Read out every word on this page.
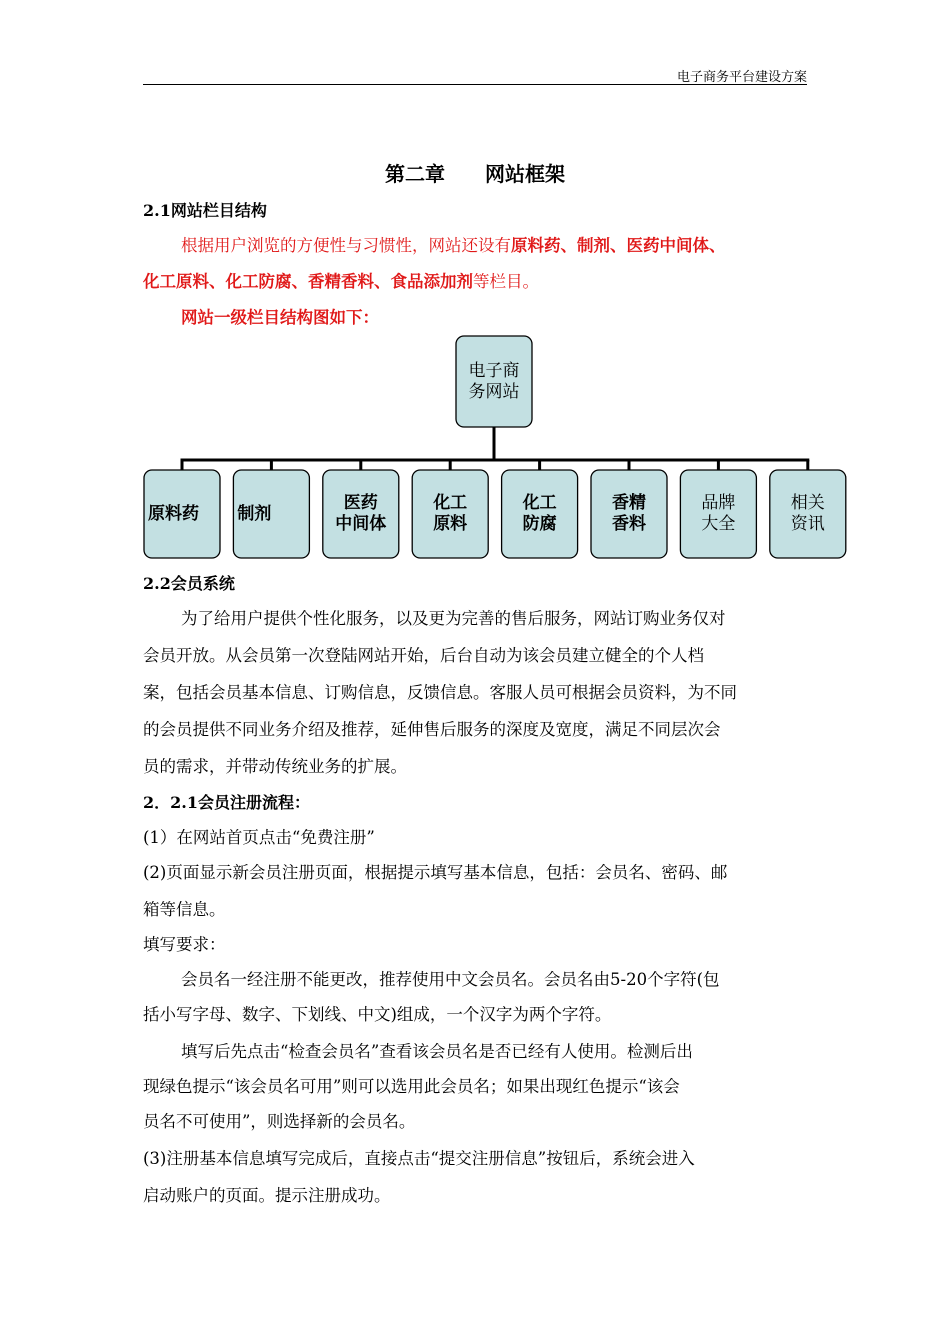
电子商务平台建设方案
第二章　　网站框架
2.1网站栏目结构
根据用户浏览的方便性与习惯性，网站还设有原料药、制剂、医药中间体、
化工原料、化工防腐、香精香料、食品添加剂等栏目。
网站一级栏目结构图如下：
电子商
务网站
原料药 制剂
医药
中间体
化工
原料
化工
防腐
香精
香料
品牌
大全
相关
资讯
2.2会员系统
为了给用户提供个性化服务，以及更为完善的售后服务，网站订购业务仅对
会员开放。从会员第一次登陆网站开始，后台自动为该会员建立健全的个人档
案，包括会员基本信息、订购信息，反馈信息。客服人员可根据会员资料，为不同
的会员提供不同业务介绍及推荐，延伸售后服务的深度及宽度，满足不同层次会
员的需求，并带动传统业务的扩展。
2．2.1会员注册流程：
(1）在网站首页点击“免费注册”
(2)页面显示新会员注册页面，根据提示填写基本信息，包括：会员名、密码、邮
箱等信息。
填写要求：
会员名一经注册不能更改，推荐使用中文会员名。会员名由5-20个字符(包
括小写字母、数字、下划线、中文)组成，一个汉字为两个字符。
填写后先点击“检查会员名”查看该会员名是否已经有人使用。检测后出
现绿色提示“该会员名可用”则可以选用此会员名；如果出现红色提示“该会
员名不可使用”，则选择新的会员名。
(3)注册基本信息填写完成后，直接点击“提交注册信息”按钮后，系统会进入
启动账户的页面。提示注册成功。
